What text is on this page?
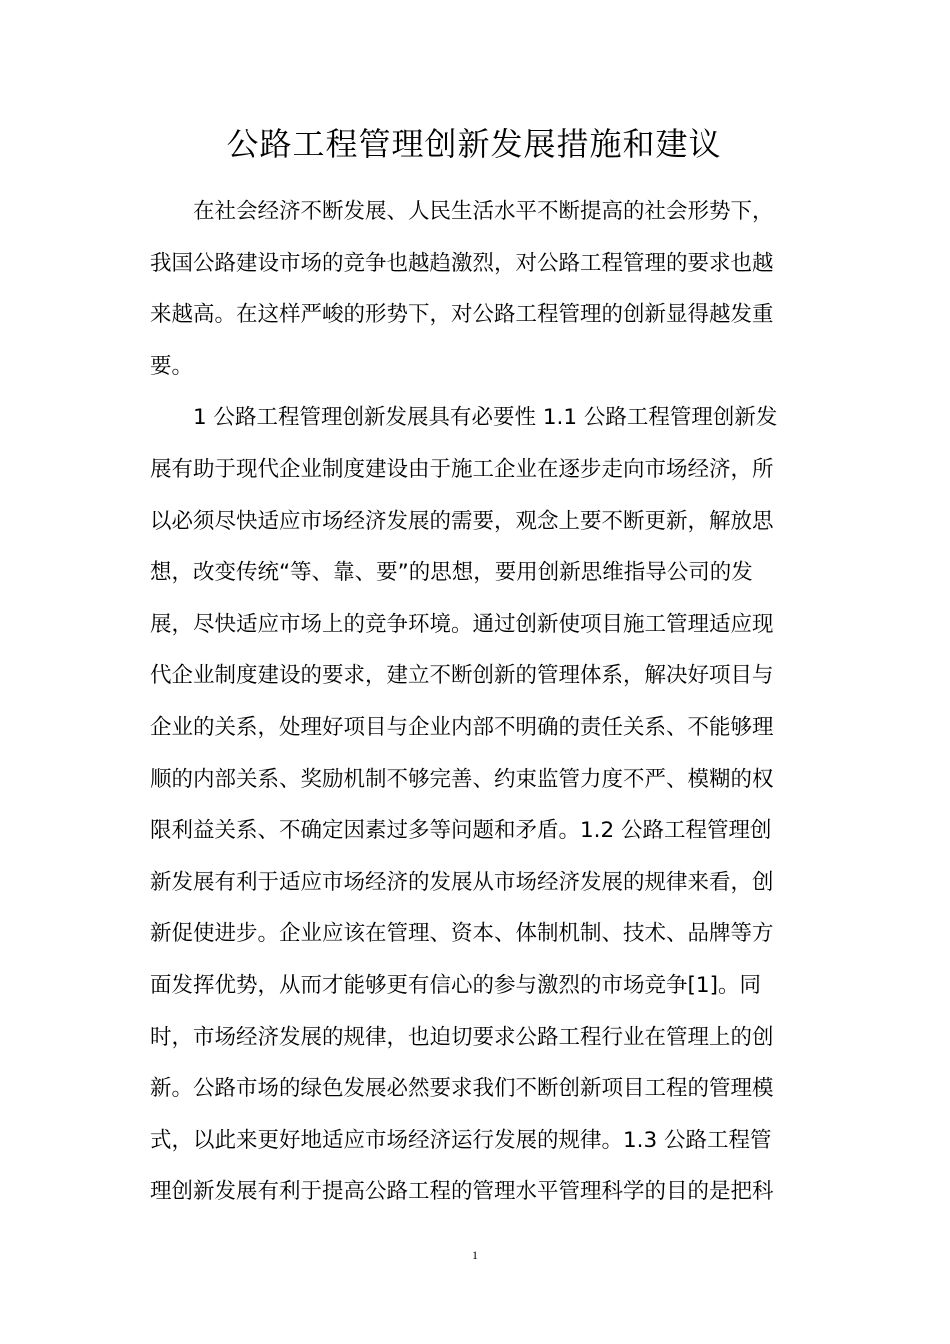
公路工程管理创新发展措施和建议
在社会经济不断发展、人民生活水平不断提高的社会形势下，
我国公路建设市场的竞争也越趋激烈，对公路工程管理的要求也越
来越高。在这样严峻的形势下，对公路工程管理的创新显得越发重
要。
1 公路工程管理创新发展具有必要性 1.1 公路工程管理创新发
展有助于现代企业制度建设由于施工企业在逐步走向市场经济，所
以必须尽快适应市场经济发展的需要，观念上要不断更新，解放思
想，改变传统“等、靠、要”的思想，要用创新思维指导公司的发
展，尽快适应市场上的竞争环境。通过创新使项目施工管理适应现
代企业制度建设的要求，建立不断创新的管理体系，解决好项目与
企业的关系，处理好项目与企业内部不明确的责任关系、不能够理
顺的内部关系、奖励机制不够完善、约束监管力度不严、模糊的权
限利益关系、不确定因素过多等问题和矛盾。1.2 公路工程管理创
新发展有利于适应市场经济的发展从市场经济发展的规律来看，创
新促使进步。企业应该在管理、资本、体制机制、技术、品牌等方
面发挥优势，从而才能够更有信心的参与激烈的市场竞争[1]。同
时，市场经济发展的规律，也迫切要求公路工程行业在管理上的创
新。公路市场的绿色发展必然要求我们不断创新项目工程的管理模
式，以此来更好地适应市场经济运行发展的规律。1.3 公路工程管
理创新发展有利于提高公路工程的管理水平管理科学的目的是把科
1
